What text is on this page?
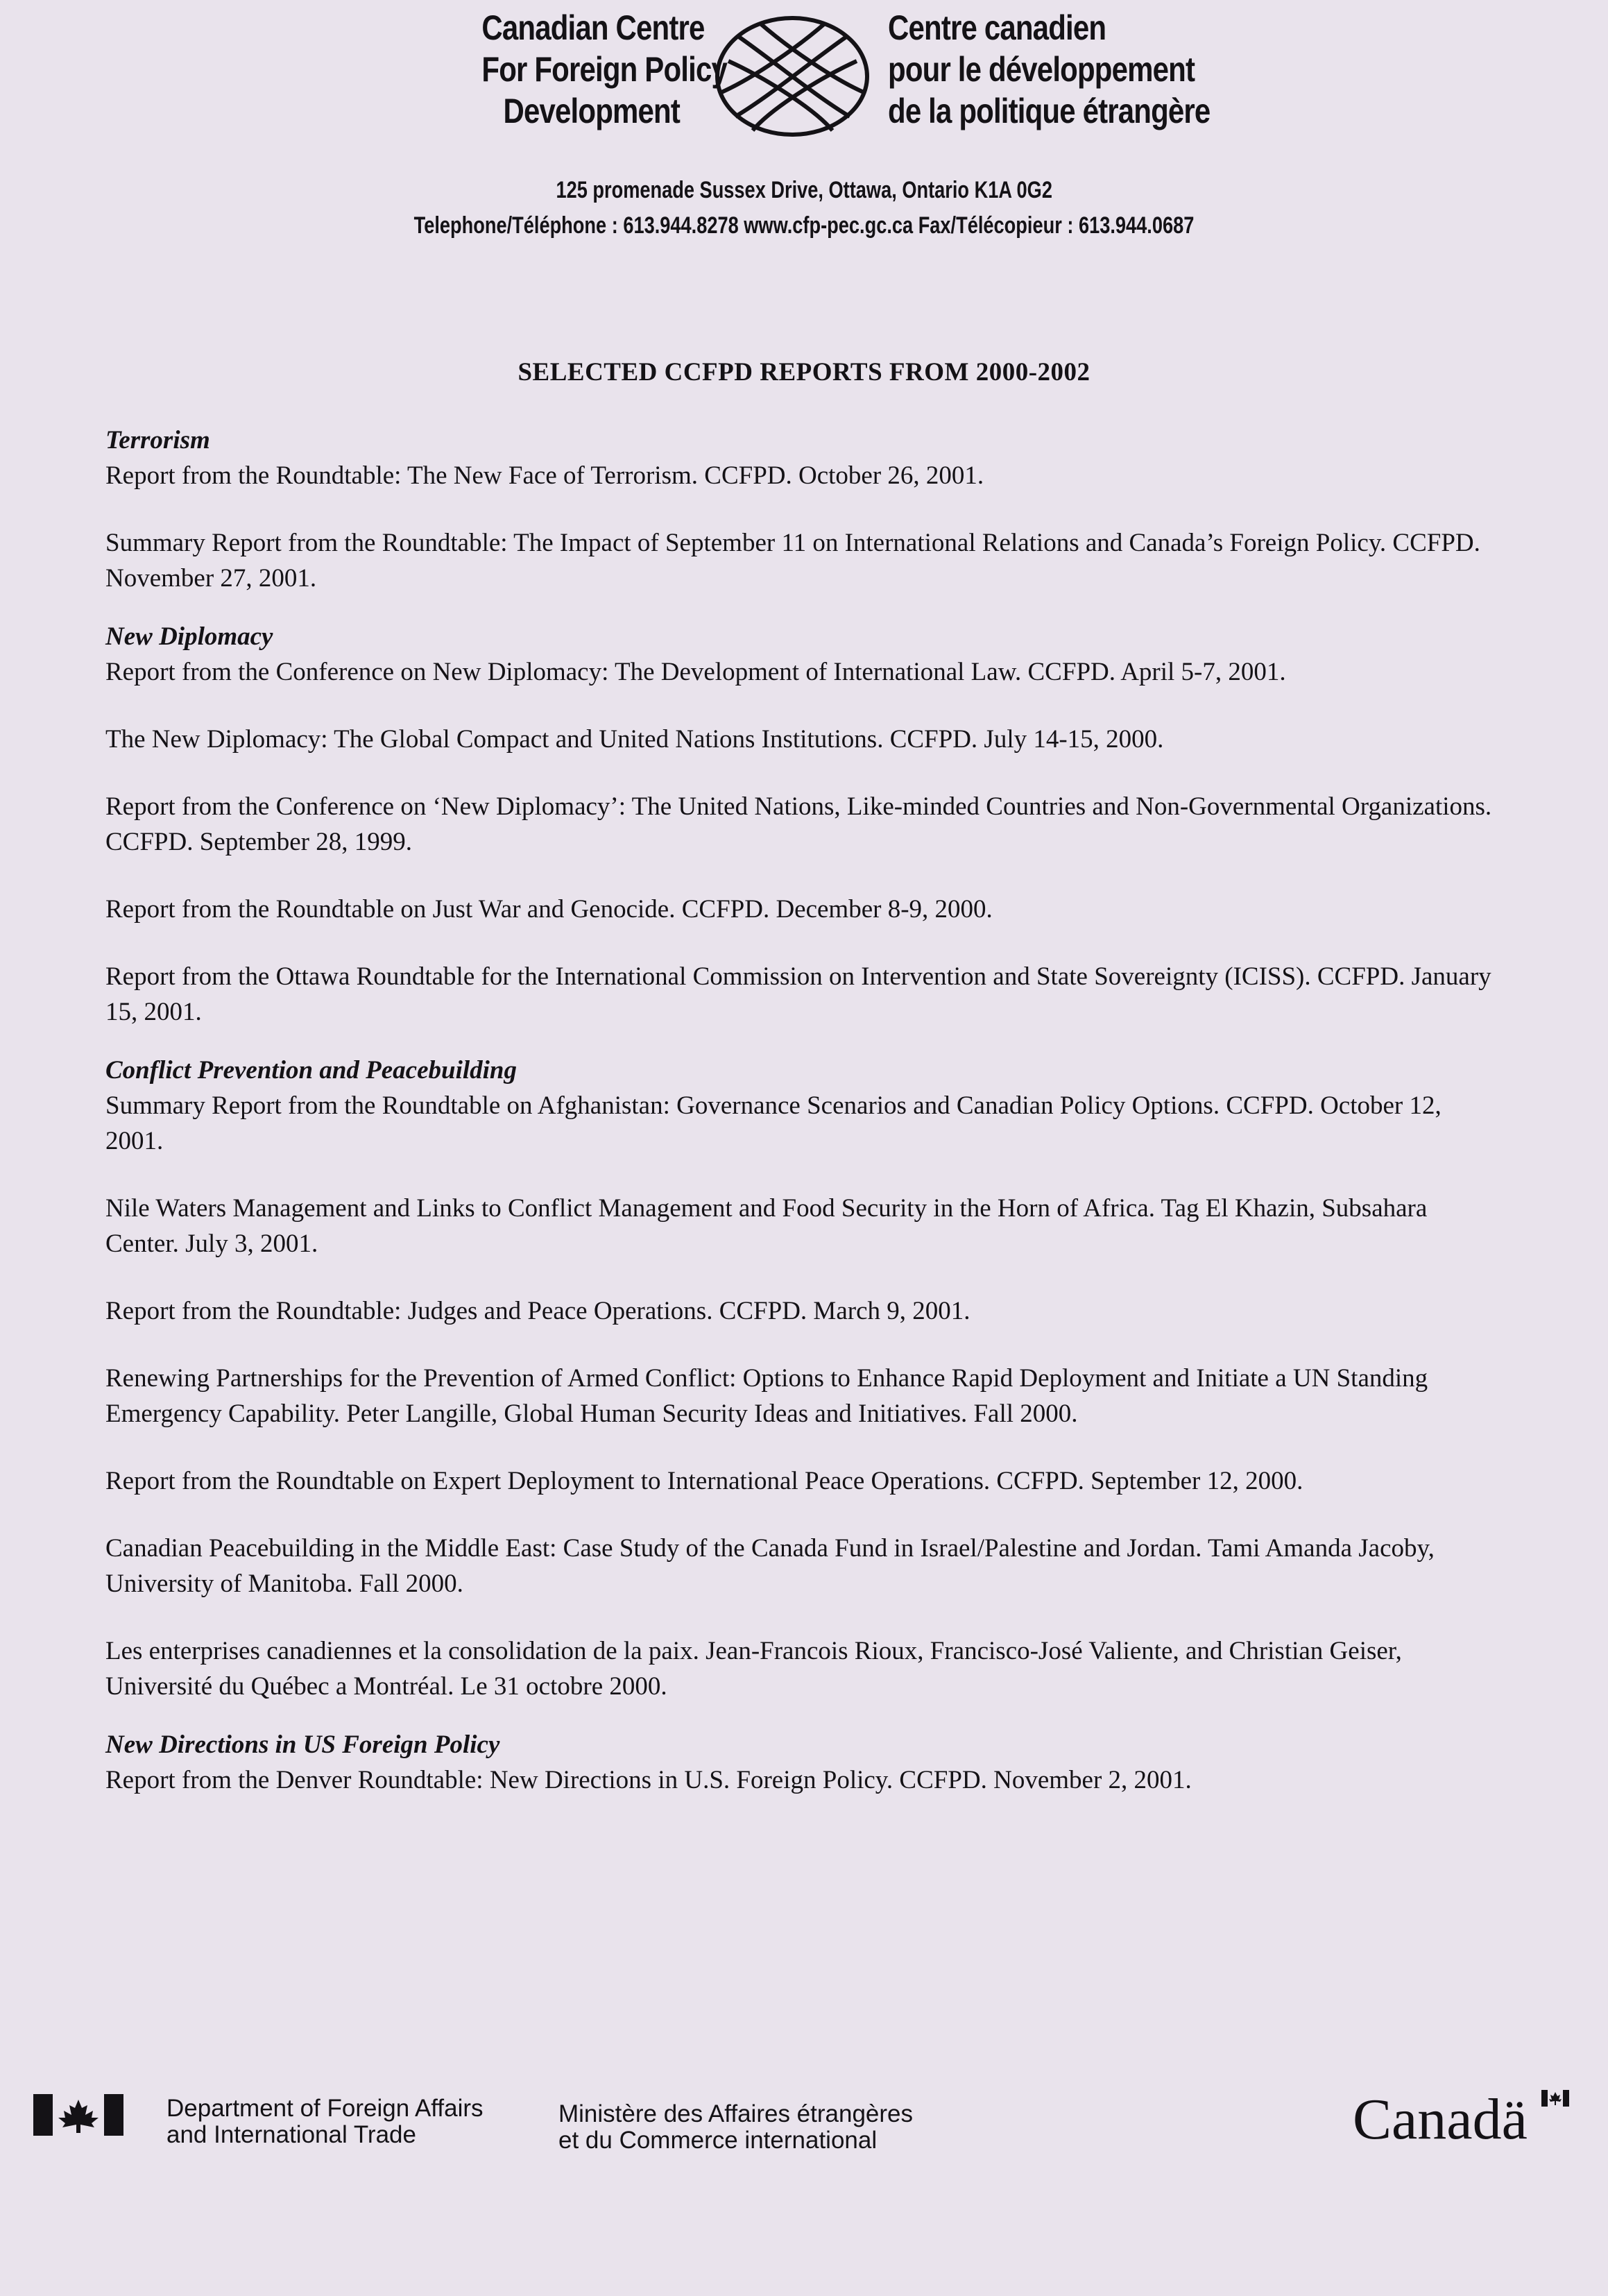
Canadian Centre
For Foreign Policy
Development
Centre canadien
pour le développement
de la politique étrangère
125 promenade Sussex Drive, Ottawa, Ontario K1A 0G2
Telephone/Téléphone : 613.944.8278 www.cfp-pec.gc.ca Fax/Télécopieur : 613.944.0687
SELECTED CCFPD REPORTS FROM 2000-2002

Terrorism

Report from the Roundtable: The New Face of Terrorism. CCFPD. October 26, 2001.

Summary Report from the Roundtable: The Impact of September 11 on International Relations and Canada’s Foreign Policy. CCFPD. November 27, 2001.

New Diplomacy

Report from the Conference on New Diplomacy: The Development of International Law. CCFPD. April 5-7, 2001.

The New Diplomacy: The Global Compact and United Nations Institutions. CCFPD. July 14-15, 2000.

Report from the Conference on ‘New Diplomacy’: The United Nations, Like-minded Countries and Non-Governmental Organizations. CCFPD. September 28, 1999.

Report from the Roundtable on Just War and Genocide. CCFPD. December 8-9, 2000.

Report from the Ottawa Roundtable for the International Commission on Intervention and State Sovereignty (ICISS). CCFPD. January 15, 2001.

Conflict Prevention and Peacebuilding

Summary Report from the Roundtable on Afghanistan: Governance Scenarios and Canadian Policy Options. CCFPD. October 12, 2001.

Nile Waters Management and Links to Conflict Management and Food Security in the Horn of Africa. Tag El Khazin, Subsahara Center. July 3, 2001.

Report from the Roundtable: Judges and Peace Operations. CCFPD. March 9, 2001.

Renewing Partnerships for the Prevention of Armed Conflict: Options to Enhance Rapid Deployment and Initiate a UN Standing Emergency Capability. Peter Langille, Global Human Security Ideas and Initiatives. Fall 2000.

Report from the Roundtable on Expert Deployment to International Peace Operations. CCFPD. September 12, 2000.

Canadian Peacebuilding in the Middle East: Case Study of the Canada Fund in Israel/Palestine and Jordan. Tami Amanda Jacoby, University of Manitoba. Fall 2000.

Les enterprises canadiennes et la consolidation de la paix. Jean-Francois Rioux, Francisco-José Valiente, and Christian Geiser, Université du Québec a Montréal. Le 31 octobre 2000.

New Directions in US Foreign Policy

Report from the Denver Roundtable: New Directions in U.S. Foreign Policy. CCFPD. November 2, 2001.

Department of Foreign Affairs
and International Trade
Ministère des Affaires étrangères
et du Commerce international	Canadä
